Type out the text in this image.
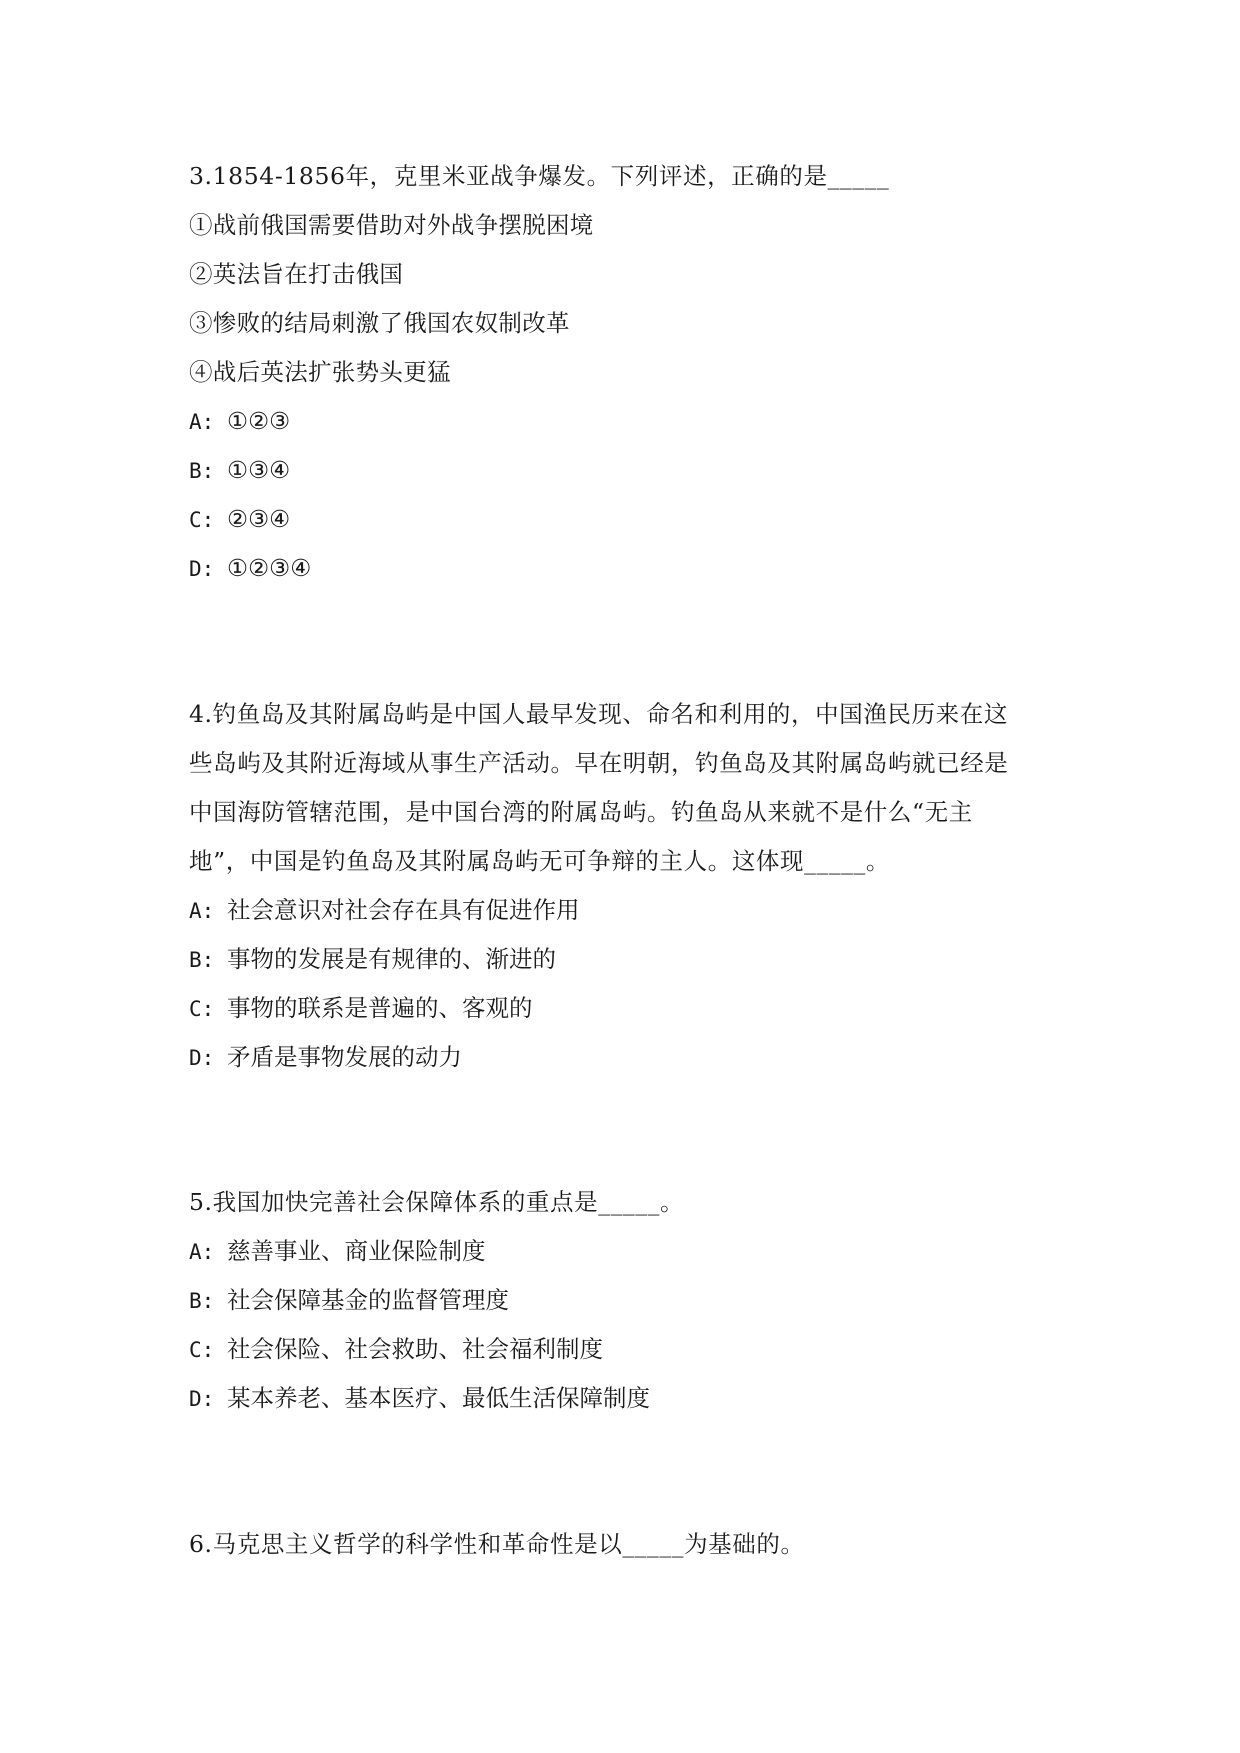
3.1854-1856年，克里米亚战争爆发。下列评述，正确的是_____
①战前俄国需要借助对外战争摆脱困境
②英法旨在打击俄国
③惨败的结局刺激了俄国农奴制改革
④战后英法扩张势头更猛
A: ①②③
B: ①③④
C: ②③④
D: ①②③④
4.钓鱼岛及其附属岛屿是中国人最早发现、命名和利用的，中国渔民历来在这
些岛屿及其附近海域从事生产活动。早在明朝，钓鱼岛及其附属岛屿就已经是
中国海防管辖范围，是中国台湾的附属岛屿。钓鱼岛从来就不是什么“无主
地”，中国是钓鱼岛及其附属岛屿无可争辩的主人。这体现_____。
A: 社会意识对社会存在具有促进作用
B: 事物的发展是有规律的、渐进的
C: 事物的联系是普遍的、客观的
D: 矛盾是事物发展的动力
5.我国加快完善社会保障体系的重点是_____。
A: 慈善事业、商业保险制度
B: 社会保障基金的监督管理度
C: 社会保险、社会救助、社会福利制度
D: 某本养老、基本医疗、最低生活保障制度
6.马克思主义哲学的科学性和革命性是以_____为基础的。
